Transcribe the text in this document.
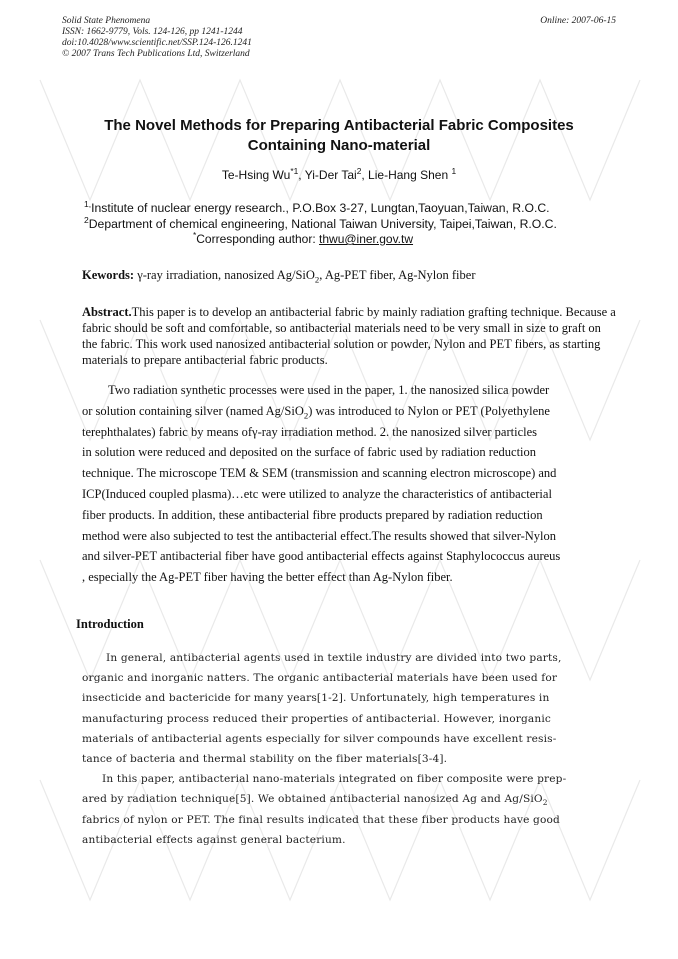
Solid State Phenomena
ISSN: 1662-9779, Vols. 124-126, pp 1241-1244
doi:10.4028/www.scientific.net/SSP.124-126.1241
© 2007 Trans Tech Publications Ltd, Switzerland
Online: 2007-06-15
The Novel Methods for Preparing Antibacterial Fabric Composites
Containing Nano-material
Te-Hsing Wu$^{*1}$, Yi-Der Tai$^2$, Lie-Hang Shen $^1$
$^{1,}$Institute of nuclear energy research., P.O.Box 3-27, Lungtan,Taoyuan,Taiwan, R.O.C.
$^2$Department of chemical engineering, National Taiwan University, Taipei,Taiwan, R.O.C.
*Corresponding author: thwu@iner.gov.tw
Kewords: γ-ray irradiation, nanosized Ag/SiO$_2$, Ag-PET fiber, Ag-Nylon fiber
Abstract.This paper is to develop an antibacterial fabric by mainly radiation grafting technique. Because a fabric should be soft and comfortable, so antibacterial materials need to be very small in size to graft on the fabric. This work used nanosized antibacterial solution or powder, Nylon and PET fibers, as starting materials to prepare antibacterial fabric products.
Two radiation synthetic processes were used in the paper, 1. the nanosized silica powder
or solution containing silver (named Ag/SiO$_2$) was introduced to Nylon or PET (Polyethylene
terephthalates) fabric by means ofγ-ray irradiation method. 2. the nanosized silver particles
in solution were reduced and deposited on the surface of fabric used by radiation reduction
technique. The microscope TEM & SEM (transmission and scanning electron microscope) and
ICP(Induced coupled plasma)…etc were utilized to analyze the characteristics of antibacterial
fiber products. In addition, these antibacterial fibre products prepared by radiation reduction
method were also subjected to test the antibacterial effect.The results showed that silver-Nylon
and silver-PET antibacterial fiber have good antibacterial effects against Staphylococcus aureus
, especially the Ag-PET fiber having the better effect than Ag-Nylon fiber.
Introduction
In general, antibacterial agents used in textile industry are divided into two parts,
organic and inorganic natters. The organic antibacterial materials have been used for
insecticide and bactericide for many years[1-2]. Unfortunately, high temperatures in
manufacturing process reduced their properties of antibacterial. However, inorganic
materials of antibacterial agents especially for silver compounds have excellent resis-
tance of bacteria and thermal stability on the fiber materials[3-4].
In this paper, antibacterial nano-materials integrated on fiber composite were prep-
ared by radiation technique[5]. We obtained antibacterial nanosized Ag and Ag/SiO$_2$
fabrics of nylon or PET. The final results indicated that these fiber products have good
antibacterial effects against general bacterium.
